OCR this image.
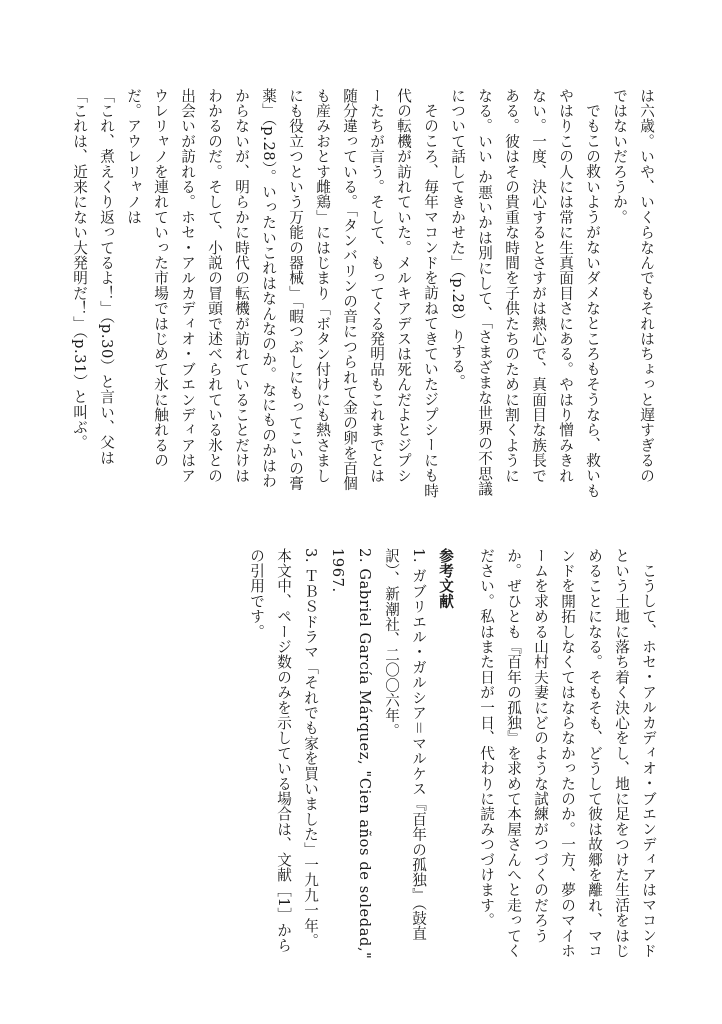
は六歳。いや、いくらなんでもそれはちょっと遅すぎるのではないだろうか。

でもこの救いようがないダメなところもそうなら、救いもやはりこの人には常に生真面目さにある。やはり憎みきれない。一度、決心するとさすがは熱心で、真面目な族長である。彼はその貴重な時間を子供たちのために割くようになる。いい か悪いかは別にして、「さまざまな世界の不思議について話してきかせた」（p.28）りする。

そのころ、毎年マコンドを訪ねてきていたジプシーにも時代の転機が訪れていた。メルキアデスは死んだよとジプシーたちが言う。そして、もってくる発明品もこれまでとは随分違っている。「タンバリンの音につられて金の卵を百個も産みおとす雌鶏」にはじまり「ボタン付けにも熱さましにも役立つという万能の器械」「暇つぶしにもってこいの膏薬」（p.28）。いったいこれはなんなのか。なにものかはわからないが、明らかに時代の転機が訪れていることだけはわかるのだ。そして、小説の冒頭で述べられている氷との出会いが訪れる。ホセ・アルカディオ・ブエンディアはアウレリャノを連れていった市場ではじめて氷に触れるのだ。アウレリャノは

「これ、煮えくり返ってるよ！」（p.30）と言い、父は

「これは、近来にない大発明だ！」（p.31）と叫ぶ。

こうして、ホセ・アルカディオ・ブエンディアはマコンドという土地に落ち着く決心をし、地に足をつけた生活をはじめることになる。そもそも、どうして彼は故郷を離れ、マコンドを開拓しなくてはならなかったのか。一方、夢のマイホームを求める山村夫妻にどのような試練がつづくのだろうか。ぜひとも『百年の孤独』を求めて本屋さんへと走ってください。私はまた日が一日、代わりに読みつづけます。

参考文献

1. ガブリエル・ガルシア＝マルケス『百年の孤独』（鼓直訳）、新潮社、二〇〇六年。

2. Gabriel García Márquez, "Cien años de soledad," 1967.

3. ＴＢＳドラマ「それでも家を買いました」一九九一年。

本文中、ページ数のみを示している場合は、文献［1］からの引用です。
